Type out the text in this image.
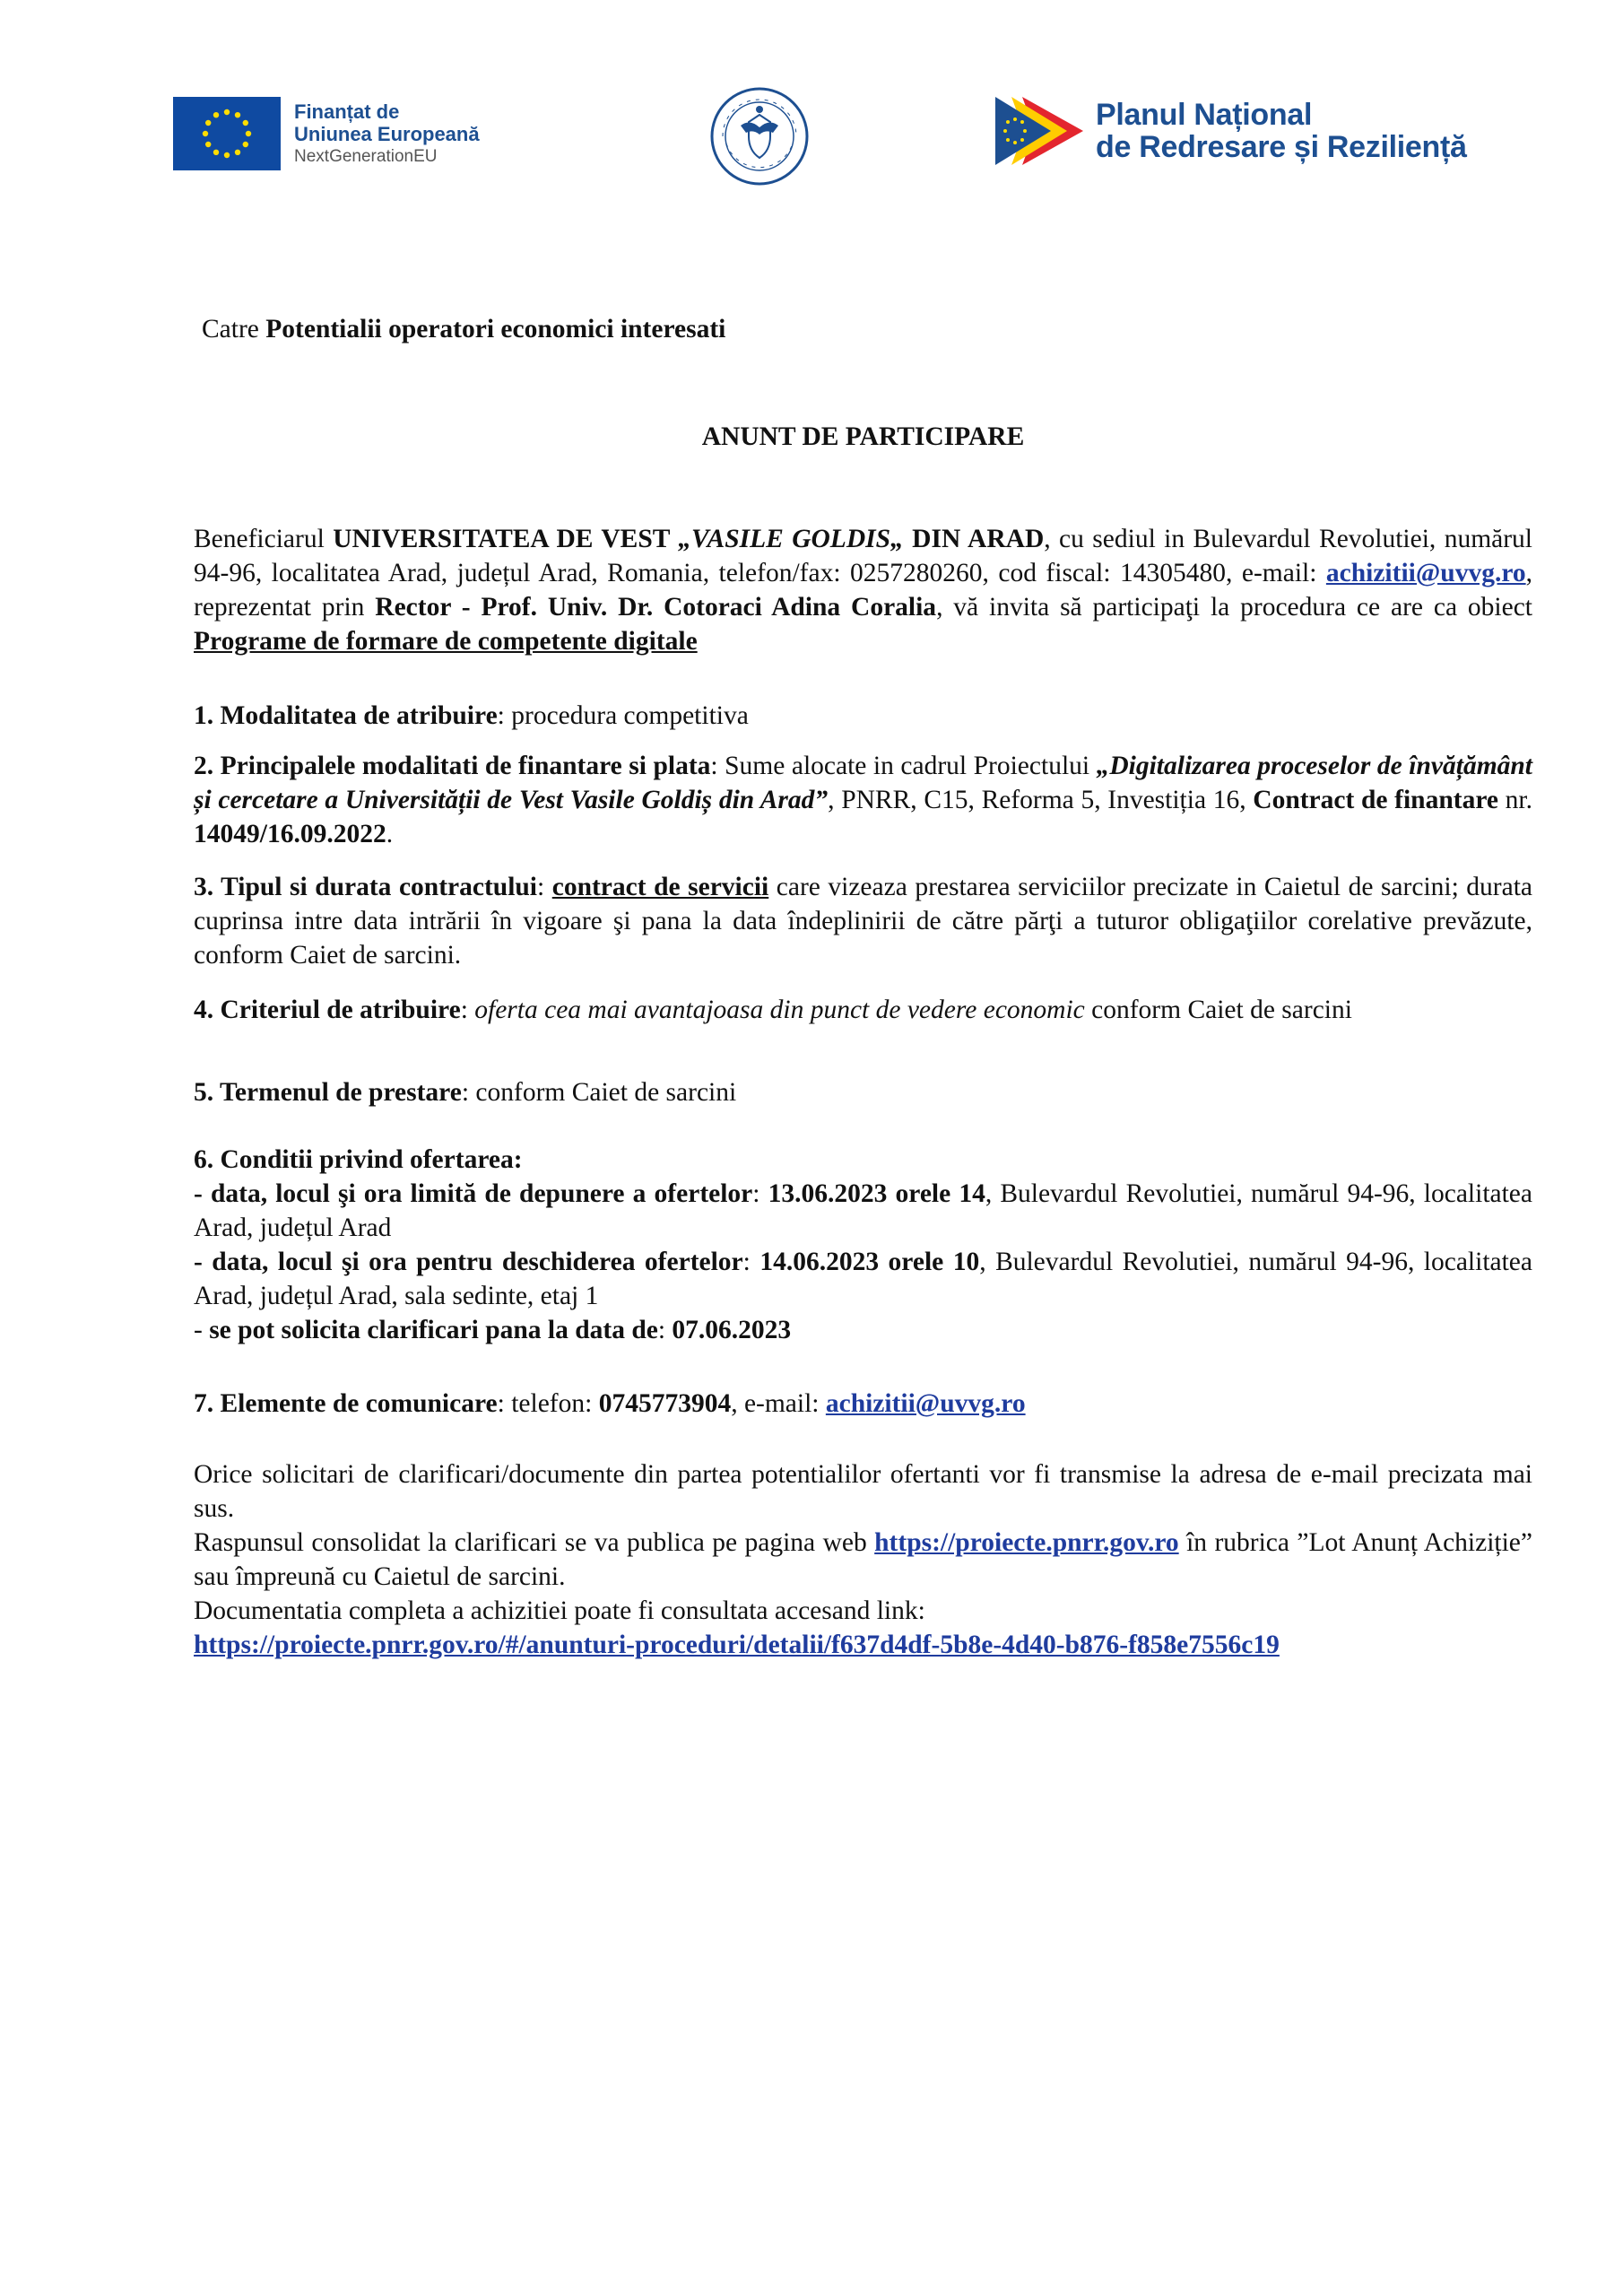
Finanțat de
Uniunea Europeană
NextGenerationEU
Planul Național
de Redresare și Reziliență

Catre Potentialii operatori economici interesati

ANUNT DE PARTICIPARE

Beneficiarul UNIVERSITATEA DE VEST „VASILE GOLDIS„ DIN ARAD, cu sediul in Bulevardul Revolutiei, numărul 94-96, localitatea Arad, județul Arad, Romania, telefon/fax: 0257280260, cod fiscal: 14305480, e-mail: achizitii@uvvg.ro, reprezentat prin Rector - Prof. Univ. Dr. Cotoraci Adina Coralia, vă invita să participaţi la procedura ce are ca obiect Programe de formare de competente digitale

1. Modalitatea de atribuire: procedura competitiva

2. Principalele modalitati de finantare si plata: Sume alocate in cadrul Proiectului „Digitalizarea proceselor de învățământ și cercetare a Universității de Vest Vasile Goldiș din Arad”, PNRR, C15, Reforma 5, Investiția 16, Contract de finantare nr. 14049/16.09.2022.

3. Tipul si durata contractului: contract de servicii care vizeaza prestarea serviciilor precizate in Caietul de sarcini; durata cuprinsa intre data intrării în vigoare şi pana la data îndeplinirii de către părţi a tuturor obligaţiilor corelative prevăzute, conform Caiet de sarcini.

4. Criteriul de atribuire: oferta cea mai avantajoasa din punct de vedere economic conform Caiet de sarcini

5. Termenul de prestare: conform Caiet de sarcini

6. Conditii privind ofertarea:

- data, locul şi ora limită de depunere a ofertelor: 13.06.2023 orele 14, Bulevardul Revolutiei, numărul 94-96, localitatea Arad, județul Arad

- data, locul şi ora pentru deschiderea ofertelor: 14.06.2023 orele 10, Bulevardul Revolutiei, numărul 94-96, localitatea Arad, județul Arad, sala sedinte, etaj 1

- se pot solicita clarificari pana la data de: 07.06.2023

7. Elemente de comunicare: telefon: 0745773904, e-mail: achizitii@uvvg.ro

Orice solicitari de clarificari/documente din partea potentialilor ofertanti vor fi transmise la adresa de e-mail precizata mai sus.

Raspunsul consolidat la clarificari se va publica pe pagina web https://proiecte.pnrr.gov.ro în rubrica ”Lot Anunț Achiziție” sau împreună cu Caietul de sarcini.

Documentatia completa a achizitiei poate fi consultata accesand link:

https://proiecte.pnrr.gov.ro/#/anunturi-proceduri/detalii/f637d4df-5b8e-4d40-b876-f858e7556c19
